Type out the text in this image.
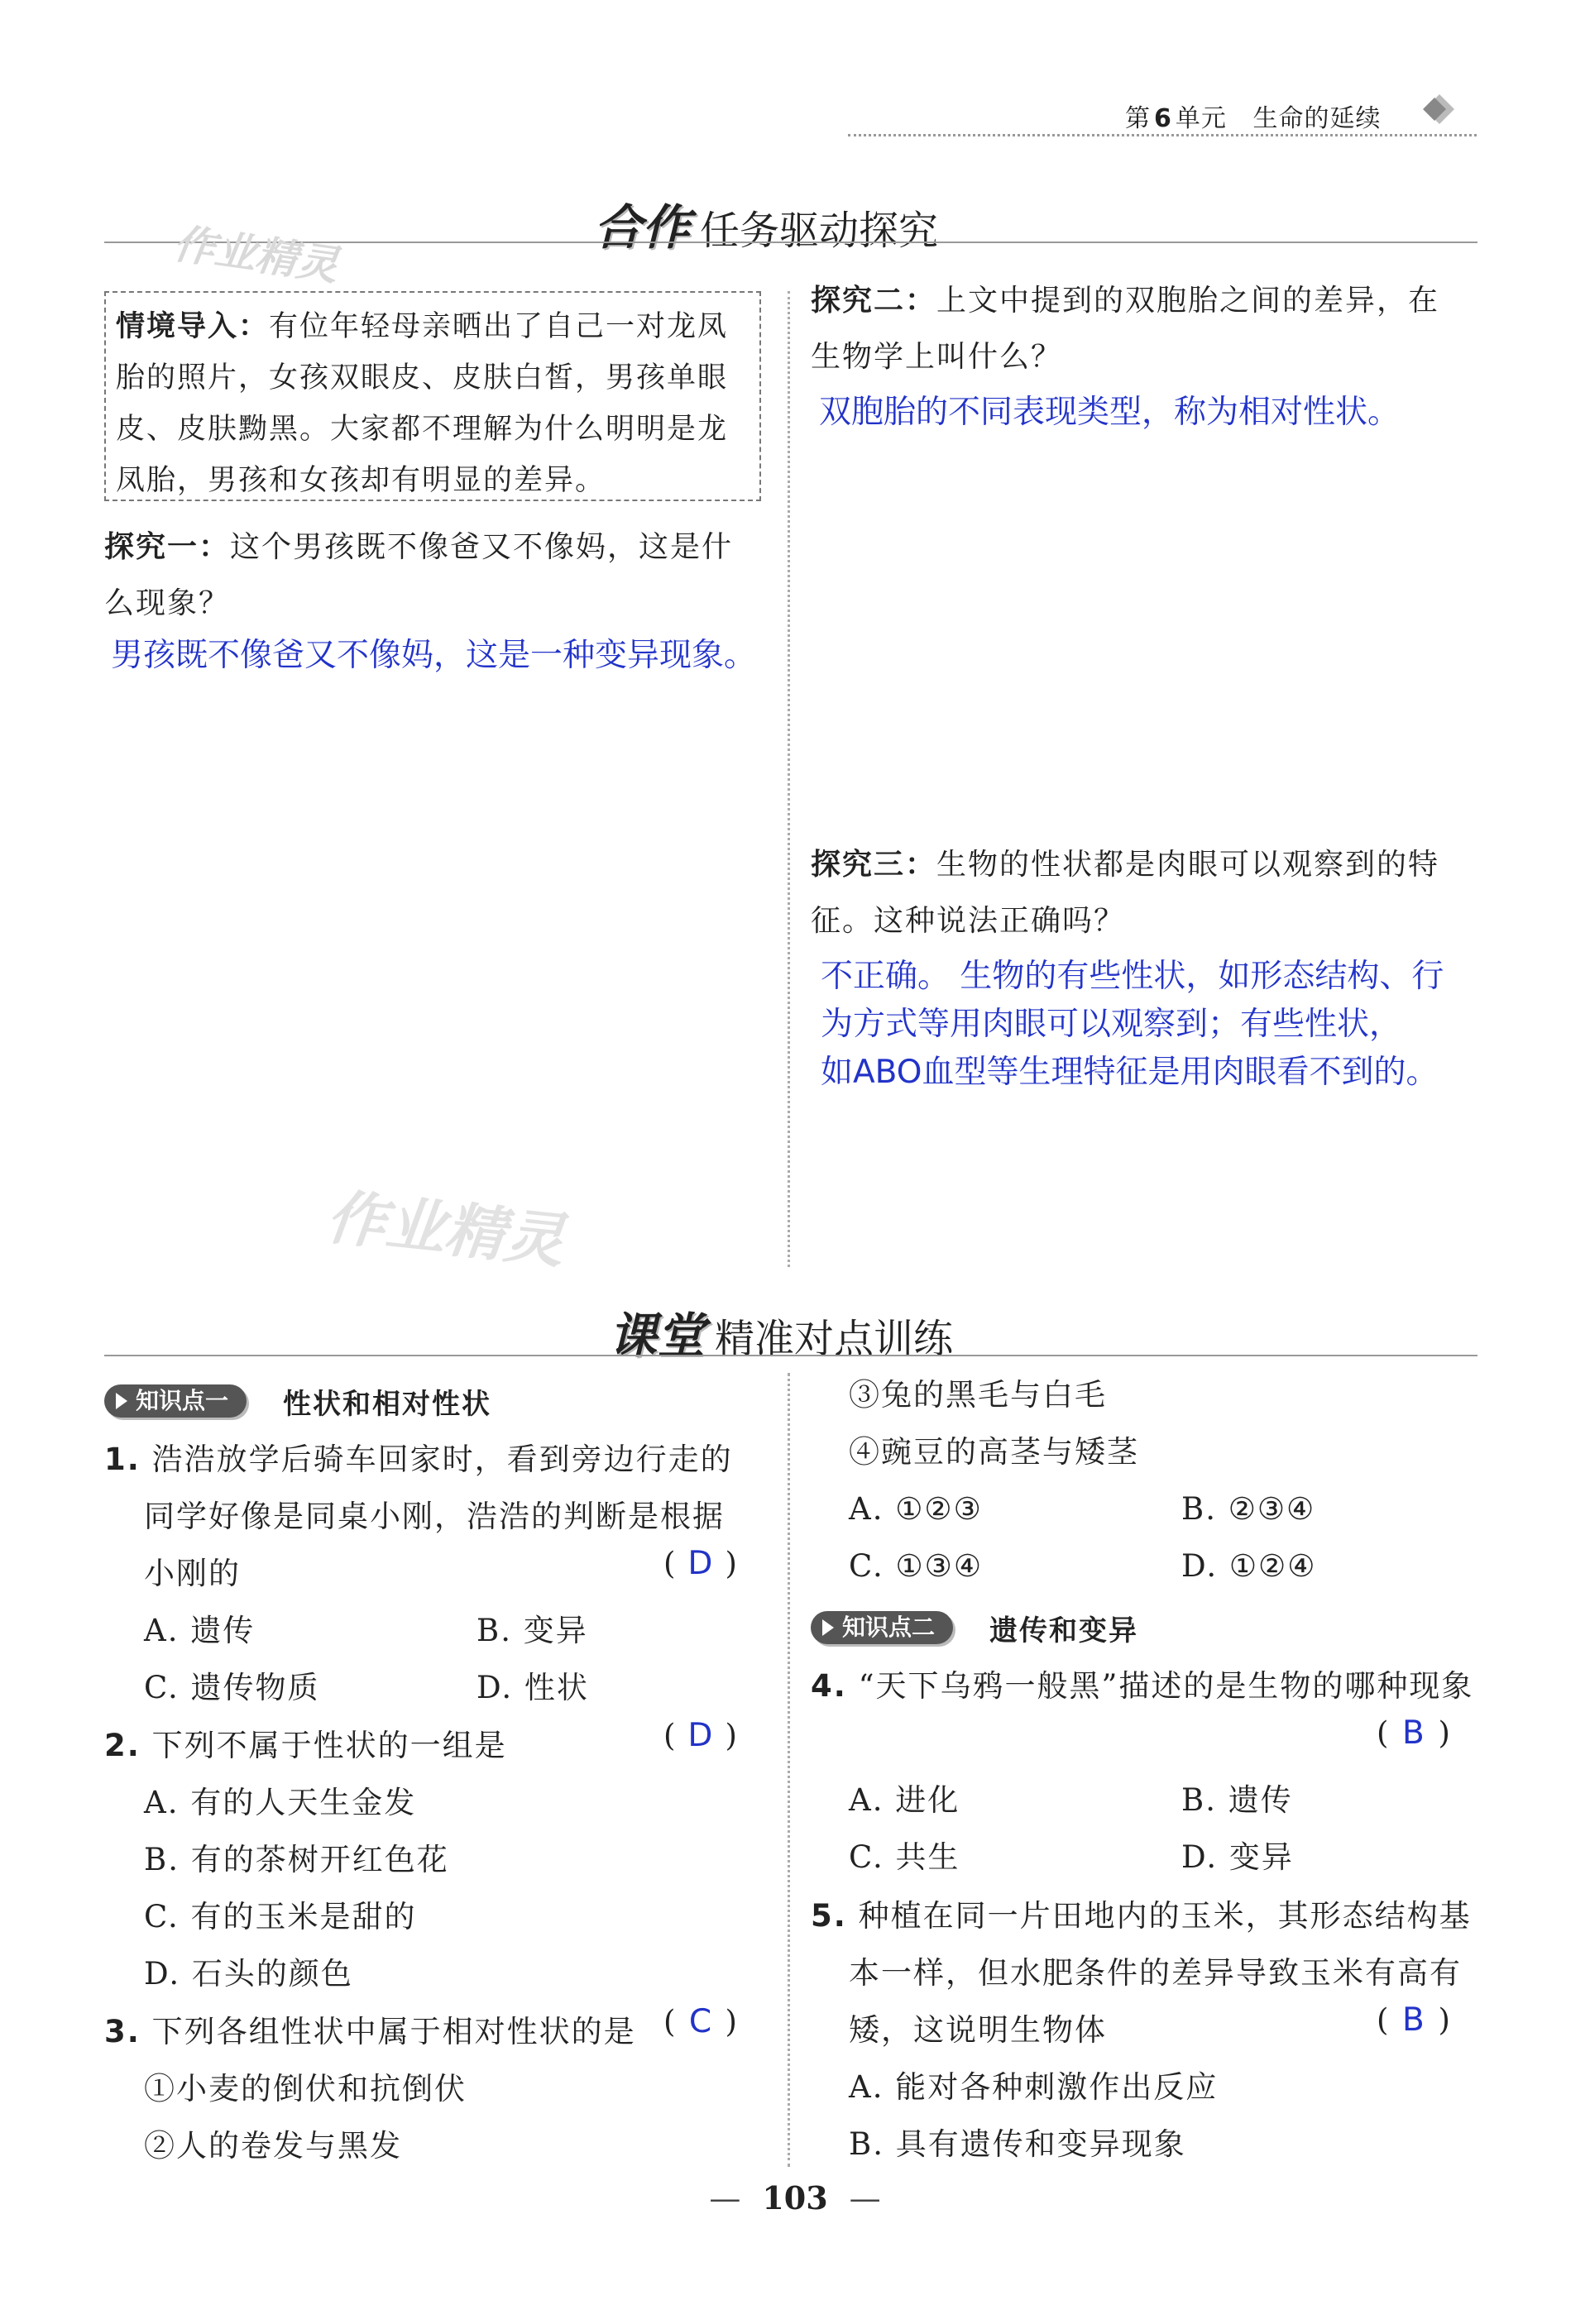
第 6 单元 生命的延续
合作 任务驱动探究
作业精灵
情境导入：有位年轻母亲晒出了自己一对龙凤
胎的照片，女孩双眼皮、皮肤白皙，男孩单眼
皮、皮肤黝黑。大家都不理解为什么明明是龙
凤胎，男孩和女孩却有明显的差异。
探究一：这个男孩既不像爸又不像妈，这是什
么现象？
男孩既不像爸又不像妈，这是一种变异现象。
探究二：上文中提到的双胞胎之间的差异，在
生物学上叫什么？
双胞胎的不同表现类型，称为相对性状。
探究三：生物的性状都是肉眼可以观察到的特
征。这种说法正确吗？
不正确。 生物的有些性状，如形态结构、行
为方式等用肉眼可以观察到；有些性状，
如ABO血型等生理特征是用肉眼看不到的。
作业精灵
课堂 精准对点训练
知识点一 性状和相对性状
1. 浩浩放学后骑车回家时，看到旁边行走的
同学好像是同桌小刚，浩浩的判断是根据
小刚的	( D )
A. 遗传	B. 变异
C. 遗传物质	D. 性状
2. 下列不属于性状的一组是	( D )
A. 有的人天生金发
B. 有的茶树开红色花
C. 有的玉米是甜的
D. 石头的颜色
3. 下列各组性状中属于相对性状的是 ( C )
①小麦的倒伏和抗倒伏
②人的卷发与黑发
③兔的黑毛与白毛
④豌豆的高茎与矮茎
A. ①②③	B. ②③④
C. ①③④	D. ①②④
知识点二 遗传和变异
4. “天下乌鸦一般黑”描述的是生物的哪种现象
( B )

A. 进化	B. 遗传
C. 共生	D. 变异
5. 种植在同一片田地内的玉米，其形态结构基
本一样，但水肥条件的差异导致玉米有高有
矮，这说明生物体	( B )
A. 能对各种刺激作出反应
B. 具有遗传和变异现象
— 103 —
